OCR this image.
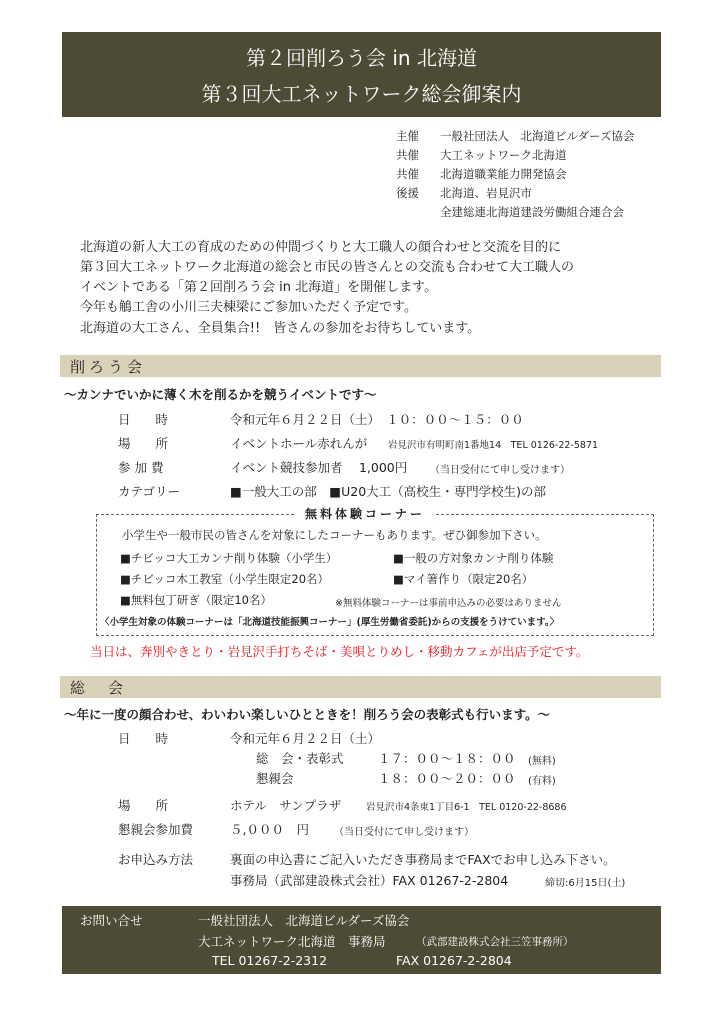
第２回削ろう会 in 北海道
第３回大工ネットワーク総会御案内
主催 一般社団法人　北海道ビルダーズ協会
共催 大工ネットワーク北海道
共催 北海道職業能力開発協会
後援 北海道、岩見沢市
全建総連北海道建設労働組合連合会
北海道の新人大工の育成のための仲間づくりと大工職人の顔合わせと交流を目的に
第３回大工ネットワーク北海道の総会と市民の皆さんとの交流も合わせて大工職人の
イベントである「第２回削ろう会 in 北海道」を開催します。
今年も鵤工舎の小川三夫棟梁にご参加いただく予定です。
北海道の大工さん、全員集合!!　皆さんの参加をお待ちしています。
削ろう会
～カンナでいかに薄く木を削るかを競うイベントです～
日　　時	令和元年６月２２日（土）　１０：００～１５：００
場　　所	イベントホール赤れんが 岩見沢市有明町南1番地14　TEL 0126-22-5871
参 加 費	イベント競技参加者　 1,000円 （当日受付にて申し受けます）
カテゴリー	■一般大工の部　■U20大工（高校生・専門学校生)の部
無料体験コーナー
小学生や一般市民の皆さんを対象にしたコーナーもあります。ぜひ御参加下さい。
■チビッコ大工カンナ削り体験（小学生）	■一般の方対象カンナ削り体験
■チビッコ木工教室（小学生限定20名）	■マイ箸作り（限定20名）
■無料包丁研ぎ（限定10名）	※無料体験コーナーは事前申込みの必要はありません
〈小学生対象の体験コーナーは「北海道技能振興コーナー」(厚生労働省委託)からの支援をうけています。〉
当日は、奔別やきとり・岩見沢手打ちそば・美唄とりめし・移動カフェが出店予定です。
総　会
～年に一度の顔合わせ、わいわい楽しいひとときを！削ろう会の表彰式も行います。～
日　　時	令和元年６月２２日（土）
総　会・表彰式	１７：００～１８：００ (無料)
懇親会	１８：００～２０：００ (有料)
場　　所	ホテル　サンプラザ	岩見沢市4条東1丁目6-1　TEL 0120-22-8686
懇親会参加費	５,０００　円	（当日受付にて申し受けます）
お申込み方法	裏面の申込書にご記入いただき事務局までFAXでお申し込み下さい。
事務局（武部建設株式会社）FAX 01267-2-2804	締切:6月15日(土)
お問い合せ	一般社団法人　北海道ビルダーズ協会
大工ネットワーク北海道　事務局	（武部建設株式会社三笠事務所）
TEL 01267-2-2312	FAX 01267-2-2804
